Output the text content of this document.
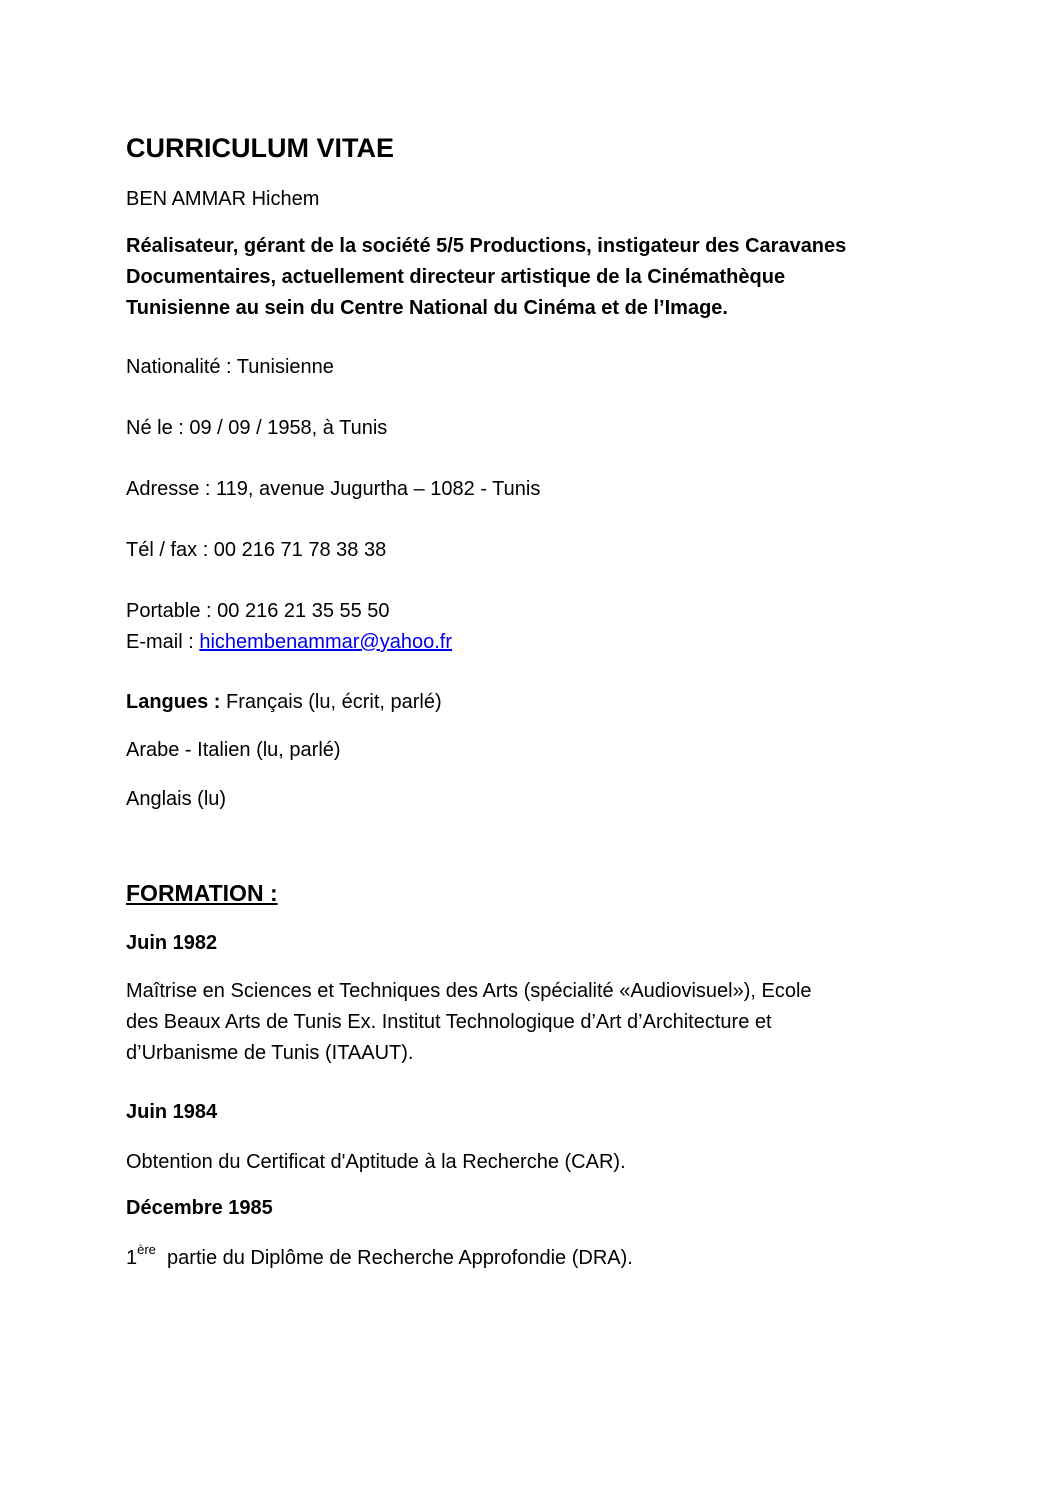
CURRICULUM VITAE

BEN AMMAR Hichem

Réalisateur, gérant de la société 5/5 Productions, instigateur des Caravanes

Documentaires, actuellement directeur artistique de la Cinémathèque

Tunisienne au sein du Centre National du Cinéma et de l’Image.

Nationalité : Tunisienne

Né le : 09 / 09 / 1958, à Tunis

Adresse : 119, avenue Jugurtha – 1082 - Tunis

Tél / fax : 00 216 71 78 38 38

Portable : 00 216 21 35 55 50

E-mail : hichembenammar@yahoo.fr

Langues : Français (lu, écrit, parlé)

Arabe - Italien (lu, parlé)

Anglais (lu)

FORMATION :

Juin 1982

Maîtrise en Sciences et Techniques des Arts (spécialité «Audiovisuel»), Ecole

des Beaux Arts de Tunis Ex. Institut Technologique d’Art d’Architecture et

d’Urbanisme de Tunis (ITAAUT).

Juin 1984

Obtention du Certificat d'Aptitude à la Recherche (CAR).

Décembre 1985

1ère  partie du Diplôme de Recherche Approfondie (DRA).
